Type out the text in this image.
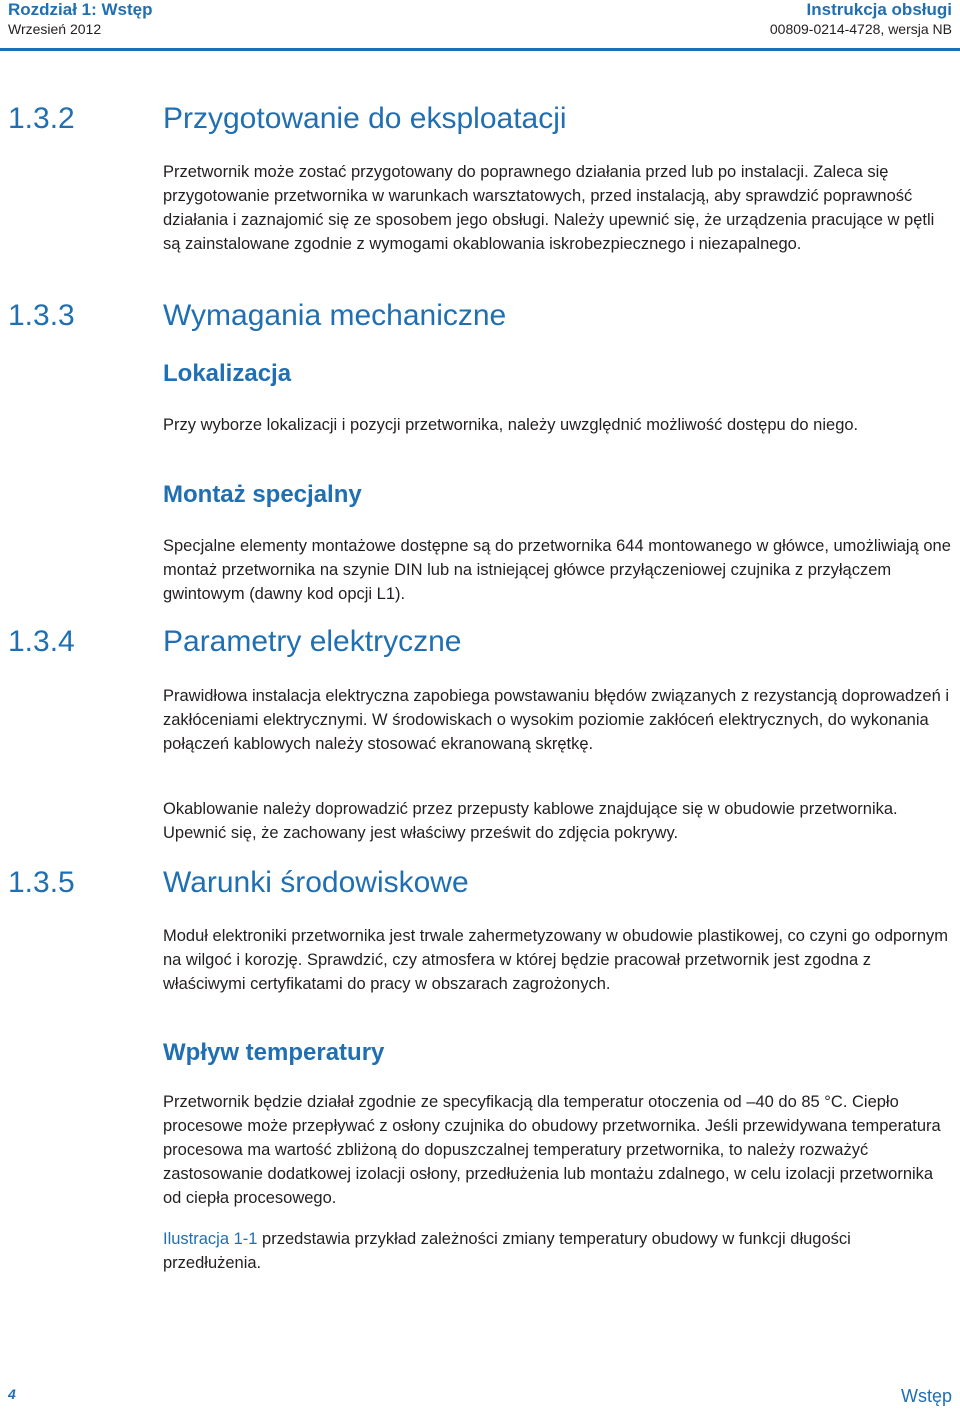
Rozdział 1: Wstęp
Wrzesień 2012
Instrukcja obsługi
00809-0214-4728, wersja NB
1.3.2	Przygotowanie do eksploatacji
Przetwornik może zostać przygotowany do poprawnego działania przed lub po instalacji. Zaleca się przygotowanie przetwornika w warunkach warsztatowych, przed instalacją, aby sprawdzić poprawność działania i zaznajomić się ze sposobem jego obsługi. Należy upewnić się, że urządzenia pracujące w pętli są zainstalowane zgodnie z wymogami okablowania iskrobezpiecznego i niezapalnego.
1.3.3	Wymagania mechaniczne
Lokalizacja
Przy wyborze lokalizacji i pozycji przetwornika, należy uwzględnić możliwość dostępu do niego.
Montaż specjalny
Specjalne elementy montażowe dostępne są do przetwornika 644 montowanego w główce, umożliwiają one montaż przetwornika na szynie DIN lub na istniejącej główce przyłączeniowej czujnika z przyłączem gwintowym (dawny kod opcji L1).
1.3.4	Parametry elektryczne
Prawidłowa instalacja elektryczna zapobiega powstawaniu błędów związanych z rezystancją doprowadzeń i zakłóceniami elektrycznymi. W środowiskach o wysokim poziomie zakłóceń elektrycznych, do wykonania połączeń kablowych należy stosować ekranowaną skrętkę.
Okablowanie należy doprowadzić przez przepusty kablowe znajdujące się w obudowie przetwornika. Upewnić się, że zachowany jest właściwy prześwit do zdjęcia pokrywy.
1.3.5	Warunki środowiskowe
Moduł elektroniki przetwornika jest trwale zahermetyzowany w obudowie plastikowej, co czyni go odpornym na wilgoć i korozję. Sprawdzić, czy atmosfera w której będzie pracował przetwornik jest zgodna z właściwymi certyfikatami do pracy w obszarach zagrożonych.
Wpływ temperatury
Przetwornik będzie działał zgodnie ze specyfikacją dla temperatur otoczenia od –40 do 85 °C. Ciepło procesowe może przepływać z osłony czujnika do obudowy przetwornika. Jeśli przewidywana temperatura procesowa ma wartość zbliżoną do dopuszczalnej temperatury przetwornika, to należy rozważyć zastosowanie dodatkowej izolacji osłony, przedłużenia lub montażu zdalnego, w celu izolacji przetwornika od ciepła procesowego.
Ilustracja 1-1 przedstawia przykład zależności zmiany temperatury obudowy w funkcji długości przedłużenia.
4	Wstęp
